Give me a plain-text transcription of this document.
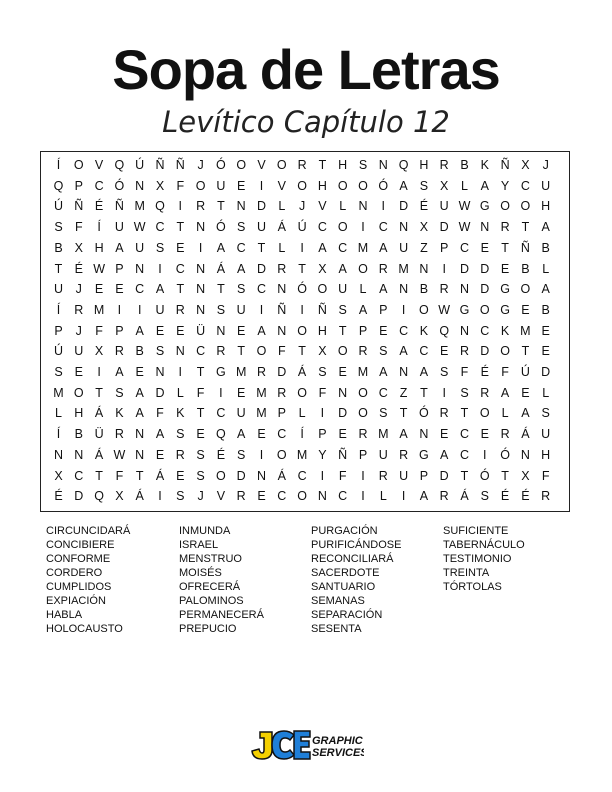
Sopa de Letras
Levítico Capítulo 12
Í	O V Q Ú Ñ Ñ	J Ó O V O R T H S N Q H R B K Ñ X	J
Q P C Ó N X F O U E	I	V O H O O Ó A S X	L	A Y C U
Ú Ñ É Ñ M Q	I	R T N D L	J	V	L N	I	D É U W G O O H
S F	Í	U W C T N Ó S U Á Ú C O	I	C N X D W N R T A
B X H A U S E	I	A C T	L	I	A C M A U Z P C E T Ñ B
T É W P N	I	C N Á A D R T X A O R M N	I	D D E B	L
U	J	E E C A T N T S C N Ó O U L	A N B R N D G O A
Í	R M	I	I	U R N S U	I	Ñ	I	Ñ S A P	I	O W G O G E B
P	J	F P A E E Ü N E A N O H T P E C K Q N C K M E
Ú U X R B S N C R T O F	T X O R S A C E R D O T E
S E	I	A E N	I	T G M R D Á S E M A N A S F É F Ú D
M O T S A D L	F	I	E M R O F N O C Z	T	I	S R A E	L
L H Á K A F K T C U M P	L	I	D O S T Ó R T O L	A S
Í	B Ü R N A S E Q A E C	Í	P E R M A N E C E R Á U
N N Á W N E R S É S	I	O M Y Ñ P U R G A C	I	Ó N H
X C T	F	T Á E S O D N Á C	I	F	I	R U P D T Ó T X F
É D Q X Á	I	S	J	V R E C O N C	I	L	I	A R Á S É É R
CIRCUNCIDARÁ
CONCIBIERE
CONFORME
CORDERO
CUMPLIDOS
EXPIACIÓN
HABLA
HOLOCAUSTO
INMUNDA
ISRAEL
MENSTRUO
MOISÉS
OFRECERÁ
PALOMINOS
PERMANECERÁ
PREPUCIO
PURGACIÓN
PURIFICÁNDOSE
RECONCILIARÁ
SACERDOTE
SANTUARIO
SEMANAS
SEPARACIÓN
SESENTA
SUFICIENTE
TABERNÁCULO
TESTIMONIO
TREINTA
TÓRTOLAS
GRAPHIC
SERVICES
